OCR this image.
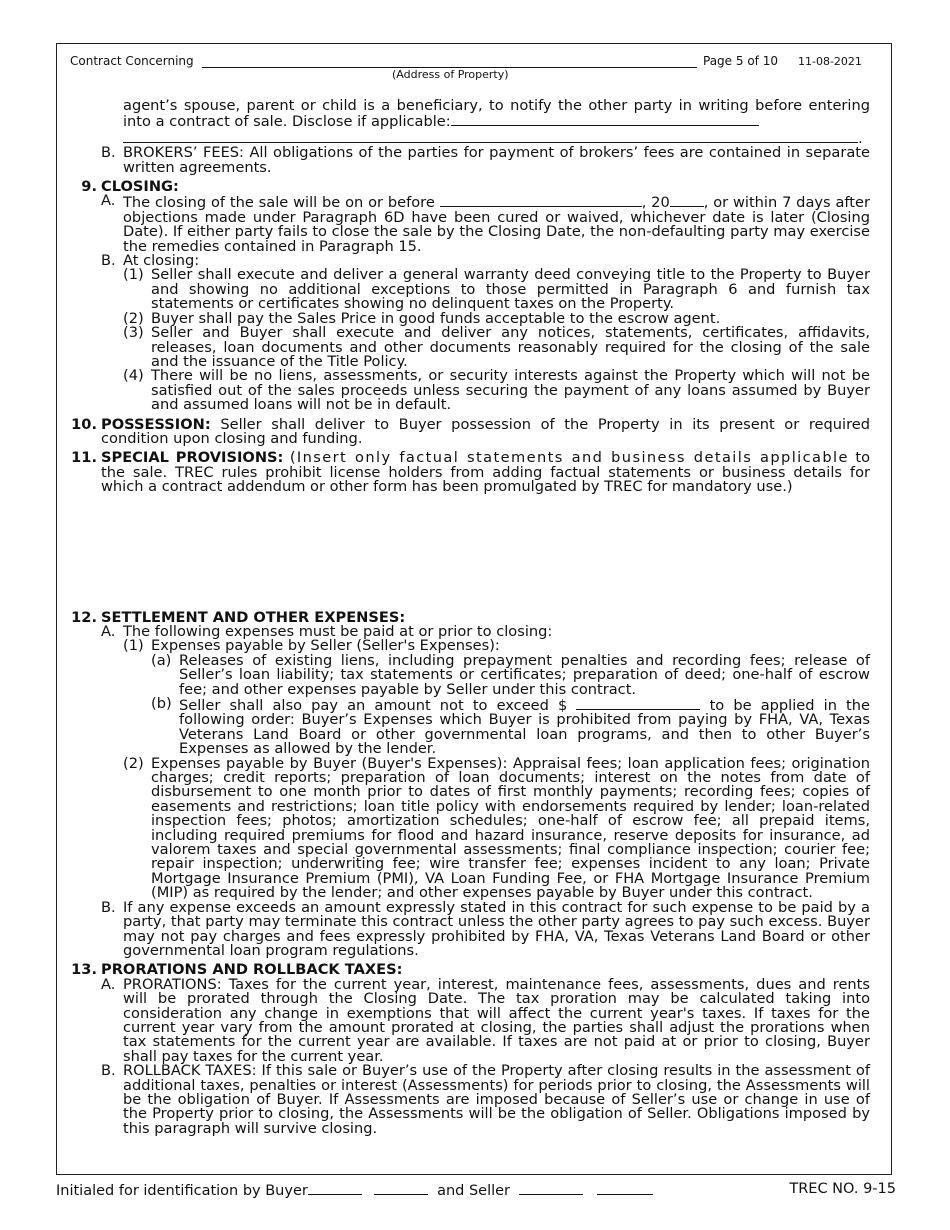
Contract Concerning
(Address of Property)
Page 5 of 10 11-08-2021

agent’s spouse, parent or child is a beneficiary, to notify the other party in writing before entering into a contract of sale. Disclose if applicable:
.

B. BROKERS’ FEES: All obligations of the parties for payment of brokers’ fees are contained in separate written agreements.

9. CLOSING:

A. The closing of the sale will be on or before	, 20 , or within 7 days after objections made under Paragraph 6D have been cured or waived, whichever date is later (Closing Date). If either party fails to close the sale by the Closing Date, the non-defaulting party may exercise the remedies contained in Paragraph 15.

B. At closing:

(1) Seller shall execute and deliver a general warranty deed conveying title to the Property to Buyer and showing no additional exceptions to those permitted in Paragraph 6 and furnish tax statements or certificates showing no delinquent taxes on the Property.

(2) Buyer shall pay the Sales Price in good funds acceptable to the escrow agent.

(3) Seller and Buyer shall execute and deliver any notices, statements, certificates, affidavits, releases, loan documents and other documents reasonably required for the closing of the sale and the issuance of the Title Policy.

(4) There will be no liens, assessments, or security interests against the Property which will not be satisfied out of the sales proceeds unless securing the payment of any loans assumed by Buyer and assumed loans will not be in default.

10. POSSESSION: Seller shall deliver to Buyer possession of the Property in its present or required condition upon closing and funding.

11. SPECIAL PROVISIONS: (Insert only factual statements and business details applicable to the sale. TREC rules prohibit license holders from adding factual statements or business details for which a contract addendum or other form has been promulgated by TREC for mandatory use.)

12. SETTLEMENT AND OTHER EXPENSES:

A. The following expenses must be paid at or prior to closing:

(1) Expenses payable by Seller (Seller's Expenses):

(a) Releases of existing liens, including prepayment penalties and recording fees; release of Seller’s loan liability; tax statements or certificates; preparation of deed; one-half of escrow fee; and other expenses payable by Seller under this contract.

(b) Seller shall also pay an amount not to exceed $	to be applied in the following order: Buyer’s Expenses which Buyer is prohibited from paying by FHA, VA, Texas Veterans Land Board or other governmental loan programs, and then to other Buyer’s Expenses as allowed by the lender.

(2) Expenses payable by Buyer (Buyer's Expenses): Appraisal fees; loan application fees; origination charges; credit reports; preparation of loan documents; interest on the notes from date of disbursement to one month prior to dates of first monthly payments; recording fees; copies of easements and restrictions; loan title policy with endorsements required by lender; loan-related inspection fees; photos; amortization schedules; one-half of escrow fee; all prepaid items, including required premiums for flood and hazard insurance, reserve deposits for insurance, ad valorem taxes and special governmental assessments; final compliance inspection; courier fee; repair inspection; underwriting fee; wire transfer fee; expenses incident to any loan; Private Mortgage Insurance Premium (PMI), VA Loan Funding Fee, or FHA Mortgage Insurance Premium (MIP) as required by the lender; and other expenses payable by Buyer under this contract.

B. If any expense exceeds an amount expressly stated in this contract for such expense to be paid by a party, that party may terminate this contract unless the other party agrees to pay such excess. Buyer may not pay charges and fees expressly prohibited by FHA, VA, Texas Veterans Land Board or other governmental loan program regulations.

13. PRORATIONS AND ROLLBACK TAXES:

A. PRORATIONS: Taxes for the current year, interest, maintenance fees, assessments, dues and rents will be prorated through the Closing Date. The tax proration may be calculated taking into consideration any change in exemptions that will affect the current year's taxes. If taxes for the current year vary from the amount prorated at closing, the parties shall adjust the prorations when tax statements for the current year are available. If taxes are not paid at or prior to closing, Buyer shall pay taxes for the current year.

B. ROLLBACK TAXES: If this sale or Buyer’s use of the Property after closing results in the assessment of additional taxes, penalties or interest (Assessments) for periods prior to closing, the Assessments will be the obligation of Buyer. If Assessments are imposed because of Seller’s use or change in use of the Property prior to closing, the Assessments will be the obligation of Seller. Obligations imposed by this paragraph will survive closing.

Initialed for identification by Buyer	and Seller	TREC NO. 9-15
